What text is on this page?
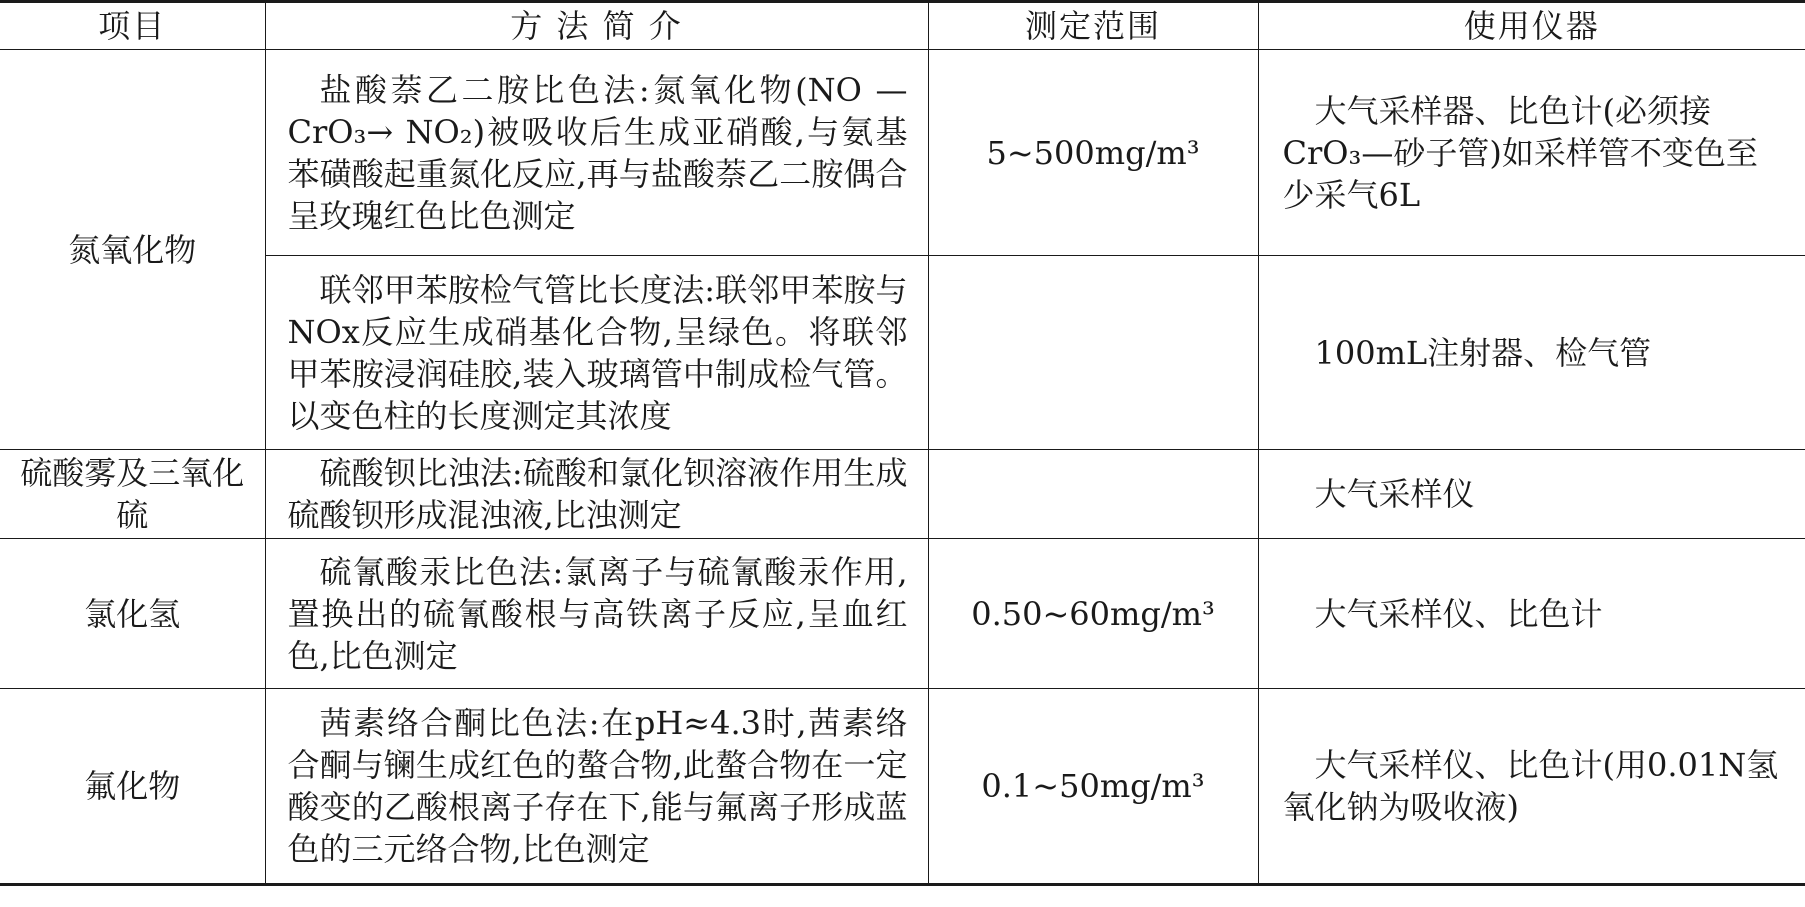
项目	方 法 简 介	测定范围	使用仪器
氮氧化物	盐酸萘乙二胺比色法:氮氧化物(NO —CrO₃→ NO₂)被吸收后生成亚硝酸,与氨基苯磺酸起重氮化反应,再与盐酸萘乙二胺偶合呈玫瑰红色比色测定	5~500mg/m³	大气采样器、比色计(必须接CrO₃—砂子管)如采样管不变色至少采气6L
	联邻甲苯胺检气管比长度法:联邻甲苯胺与NOx反应生成硝基化合物,呈绿色。将联邻甲苯胺浸润硅胶,装入玻璃管中制成检气管。以变色柱的长度测定其浓度		100mL注射器、检气管
硫酸雾及三氧化硫	硫酸钡比浊法:硫酸和氯化钡溶液作用生成硫酸钡形成混浊液,比浊测定		大气采样仪
氯化氢	硫氰酸汞比色法:氯离子与硫氰酸汞作用,置换出的硫氰酸根与高铁离子反应,呈血红色,比色测定	0.50~60mg/m³	大气采样仪、比色计
氟化物	茜素络合酮比色法:在pH≈4.3时,茜素络合酮与镧生成红色的螯合物,此螯合物在一定酸变的乙酸根离子存在下,能与氟离子形成蓝色的三元络合物,比色测定	0.1~50mg/m³	大气采样仪、比色计(用0.01N氢氧化钠为吸收液)
